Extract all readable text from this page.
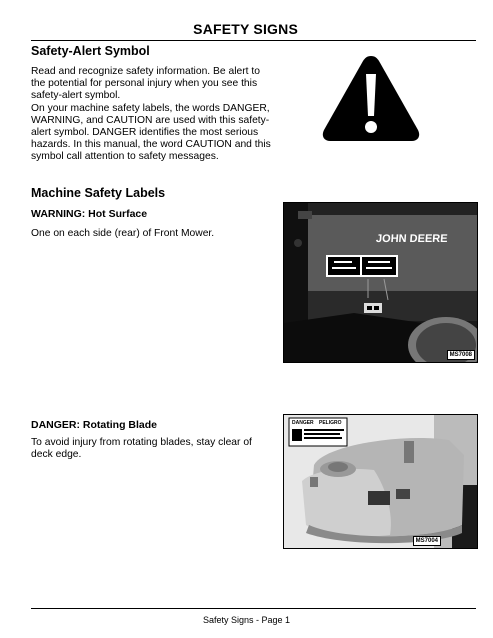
SAFETY SIGNS
Safety-Alert Symbol

Read and recognize safety information. Be alert to the potential for personal injury when you see this safety-alert symbol.

On your machine safety labels, the words DANGER, WARNING, and CAUTION are used with this safety-alert symbol. DANGER identifies the most serious hazards. In this manual, the word CAUTION and this symbol call attention to safety messages.

Machine Safety Labels
WARNING: Hot Surface

One on each side (rear) of Front Mower.	JOHN DEERE
MS7008
DANGER: Rotating Blade

To avoid injury from rotating blades, stay clear of deck edge.

DANGER PELIGRO
MS7004
Safety Signs - Page 1
